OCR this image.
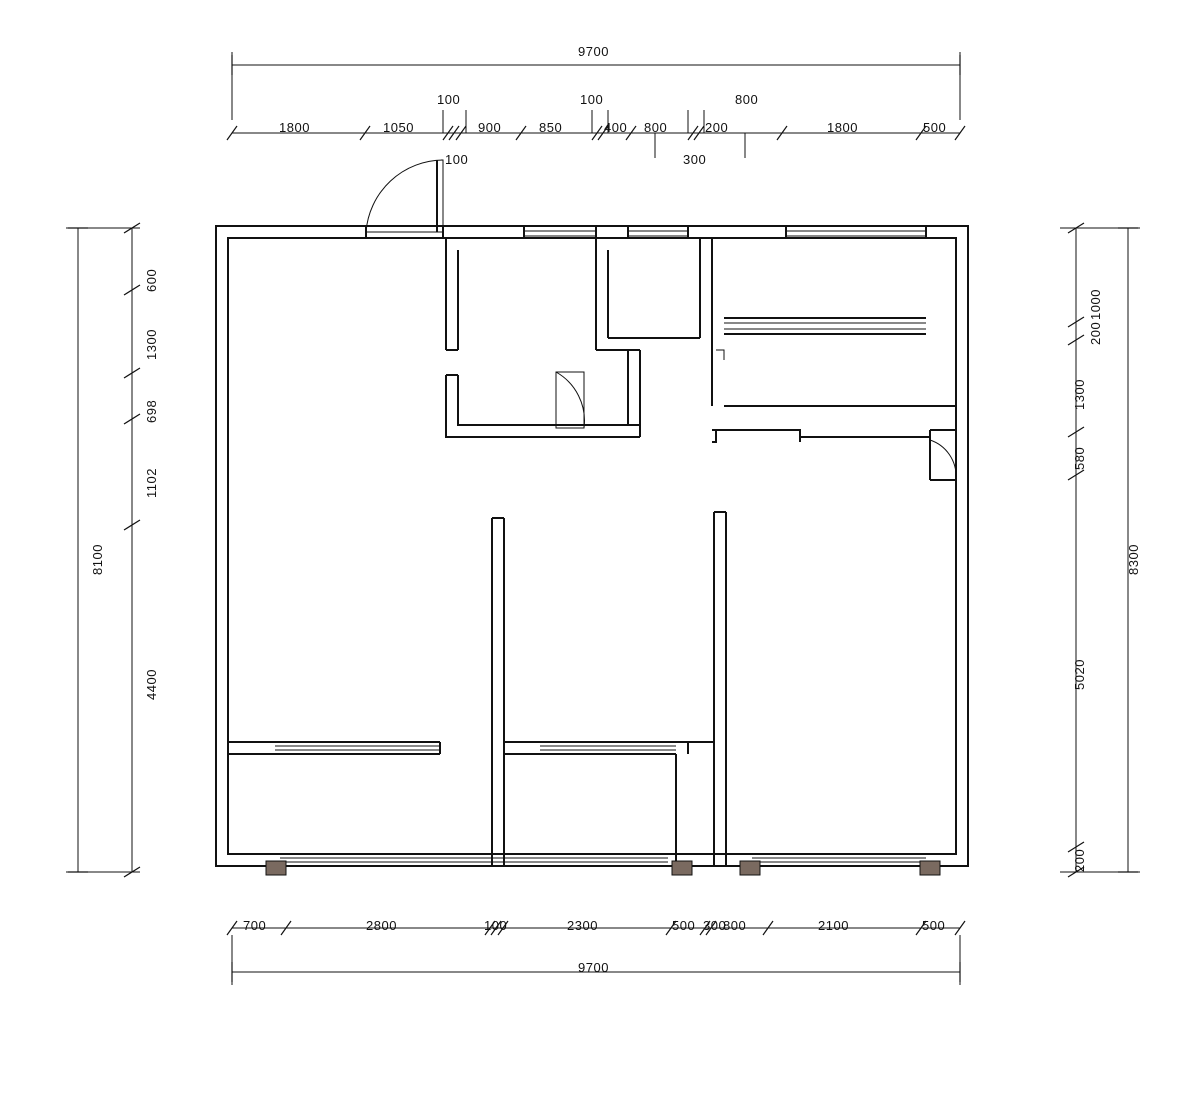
9700
100	100	800
1800	1050	900	850	400 800	200	1800	500
100	300
700	2800	100	2300	500 300
800	2100	500
9700
8100
600
1300
698
1102
4400
8300
1000
200
1300
580
5020
200
